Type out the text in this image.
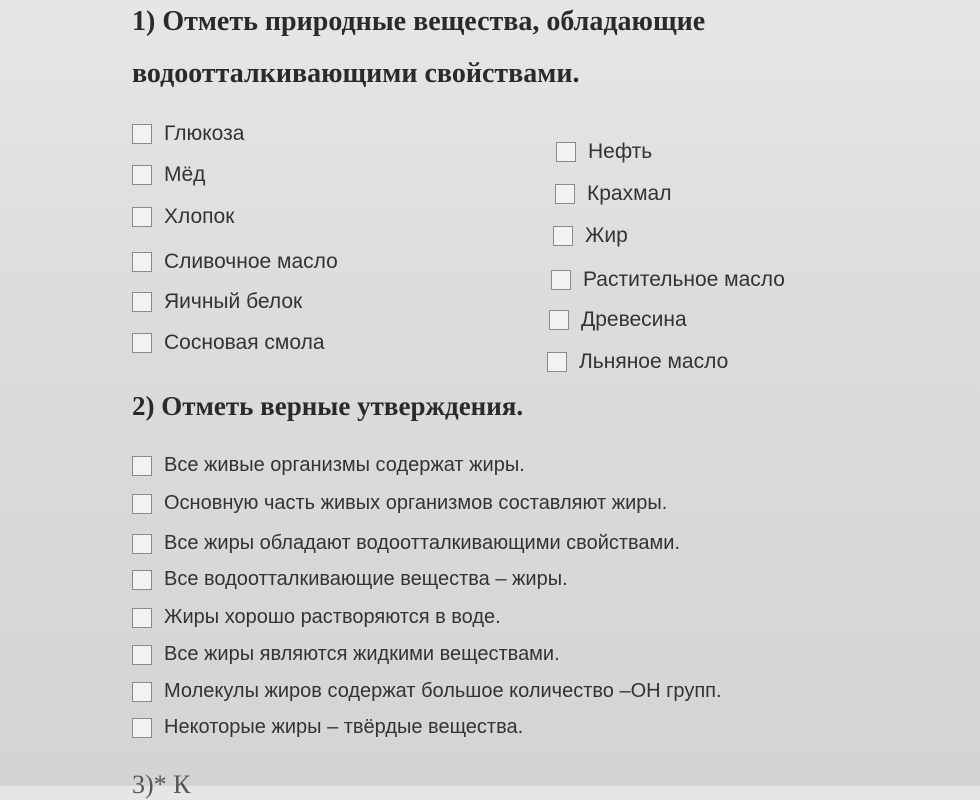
1) Отметь природные вещества, обладающие
водоотталкивающими свойствами.
Глюкоза
Мёд
Хлопок
Сливочное масло
Яичный белок
Сосновая смола
Нефть
Крахмал
Жир
Растительное масло
Древесина
Льняное масло
2) Отметь верные утверждения.
Все живые организмы содержат жиры.
Основную часть живых организмов составляют жиры.
Все жиры обладают водоотталкивающими свойствами.
Все водоотталкивающие вещества – жиры.
Жиры хорошо растворяются в воде.
Все жиры являются жидкими веществами.
Молекулы жиров содержат большое количество –OH групп.
Некоторые жиры – твёрдые вещества.
3)* К
